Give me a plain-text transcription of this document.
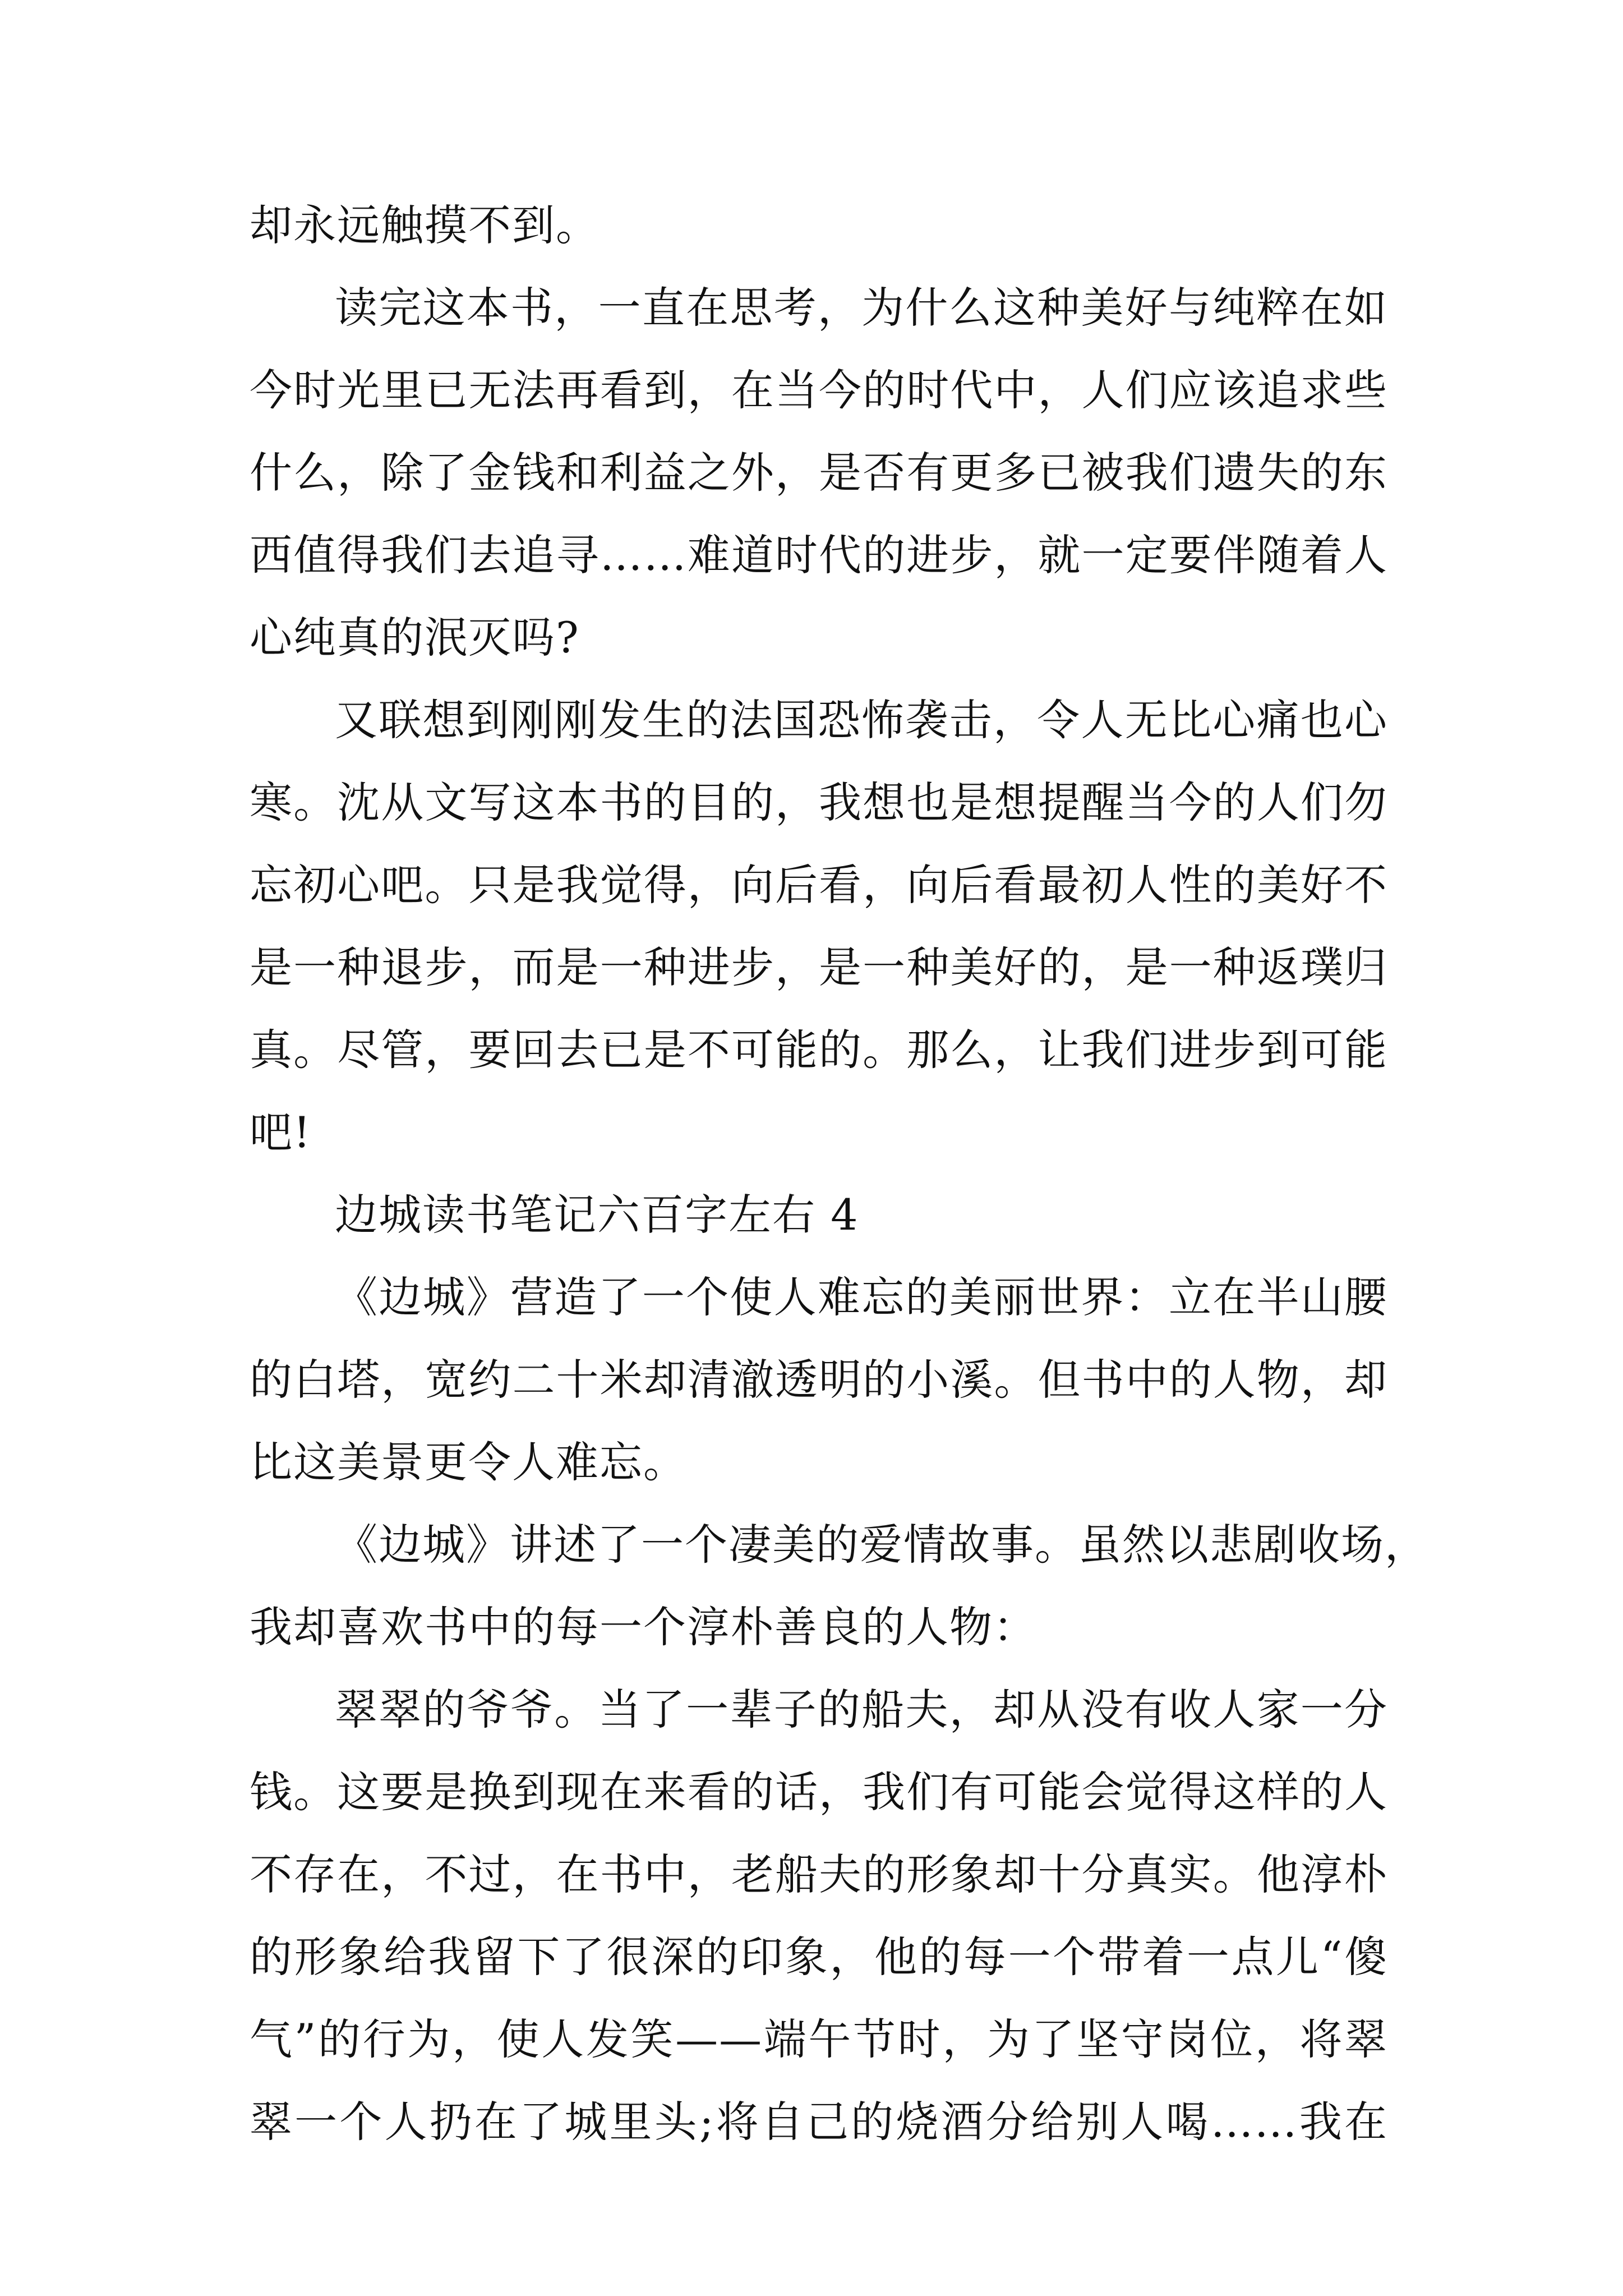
却永远触摸不到。

读完这本书，一直在思考，为什么这种美好与纯粹在如
今时光里已无法再看到，在当今的时代中，人们应该追求些
什么，除了金钱和利益之外，是否有更多已被我们遗失的东
西值得我们去追寻……难道时代的进步，就一定要伴随着人
心纯真的泯灭吗?

又联想到刚刚发生的法国恐怖袭击，令人无比心痛也心
寒。沈从文写这本书的目的，我想也是想提醒当今的人们勿
忘初心吧。只是我觉得，向后看，向后看最初人性的美好不
是一种退步，而是一种进步，是一种美好的，是一种返璞归
真。尽管，要回去已是不可能的。那么，让我们进步到可能
吧!

边城读书笔记六百字左右 4

《边城》营造了一个使人难忘的美丽世界：立在半山腰
的白塔，宽约二十米却清澈透明的小溪。但书中的人物，却
比这美景更令人难忘。

《边城》讲述了一个凄美的爱情故事。虽然以悲剧收场，
我却喜欢书中的每一个淳朴善良的人物：

翠翠的爷爷。当了一辈子的船夫，却从没有收人家一分
钱。这要是换到现在来看的话，我们有可能会觉得这样的人
不存在，不过，在书中，老船夫的形象却十分真实。他淳朴
的形象给我留下了很深的印象，他的每一个带着一点儿“傻
气”的行为，使人发笑——端午节时，为了坚守岗位，将翠
翠一个人扔在了城里头;将自己的烧酒分给别人喝……我在
